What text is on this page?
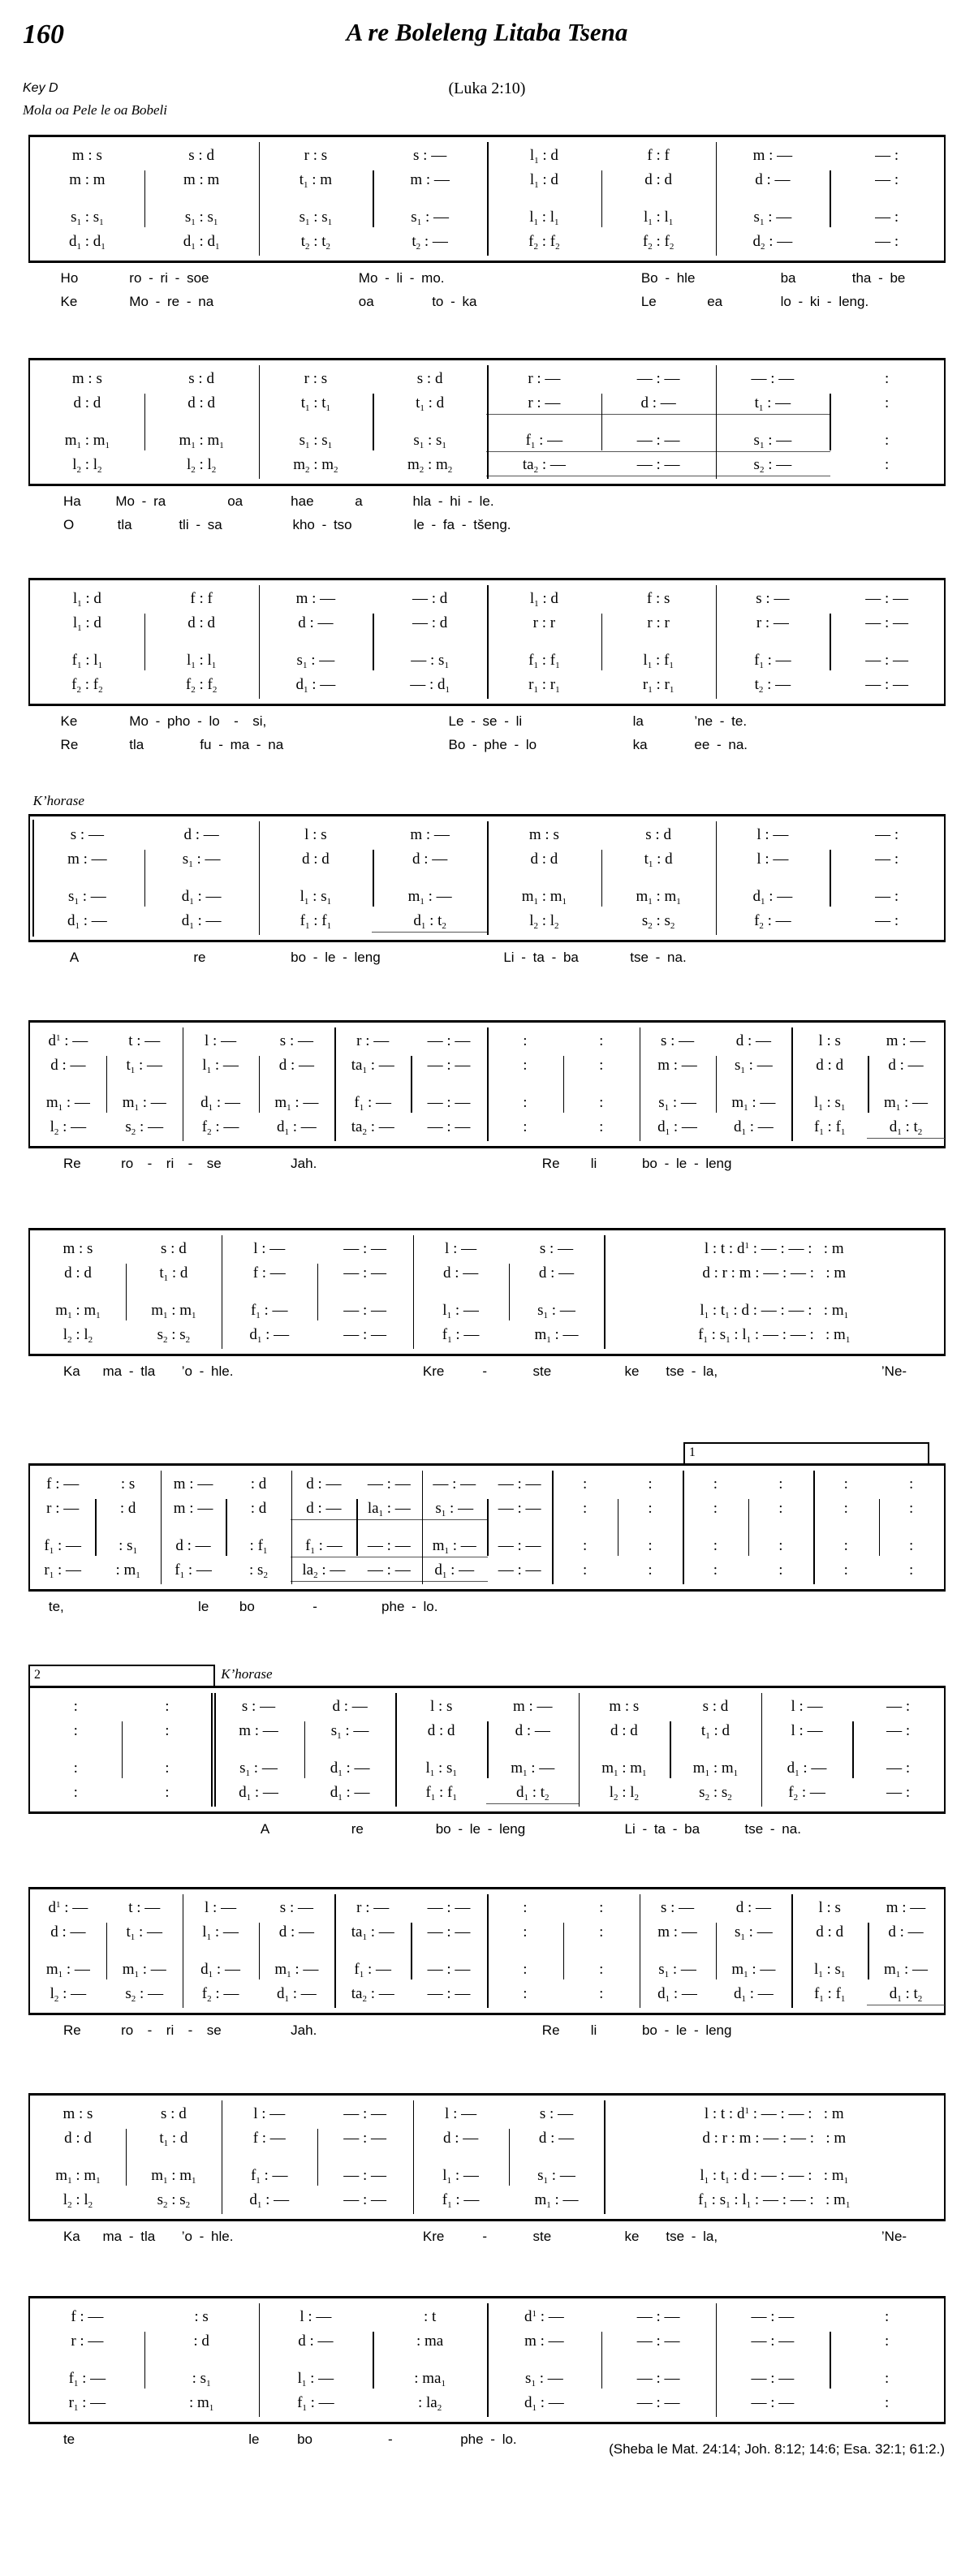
160	A re Boleleng Litaba Tsena
Key D	(Luka 2:10)
Mola oa Pele le oa Bobeli
m : s	s : d	r : s	s : —	$l_1$ : d	f : f	m : —	— :
m : m	m : m	$t_1$ : m	m : —	$l_1$ : d	d : d	d : —	— :
$s_1$ : $s_1$	$s_1$ : $s_1$	$s_1$ : $s_1$	$s_1$ : —	$l_1$ : $l_1$	$l_1$ : $l_1$	$s_1$ : —	— :
$d_1$ : $d_1$	$d_1$ : $d_1$	$t_2$ : $t_2$	$t_2$ : —	$f_2$ : $f_2$	$f_2$ : $f_2$	$d_2$ : —	— :
Ho	ro - ri - soe	Mo - li - mo.	Bo - hle	ba	tha - be
Ke	Mo - re - na	oa	to - ka	Le	ea	lo - ki - leng.
m : s	s : d	r : s	s : d	r : —	— : —	— : —	:
d : d	d : d	$t_1$ : $t_1$	$t_1$ : d	r : —	d : —	$t_1$ : —	:
$m_1$ : $m_1$	$m_1$ : $m_1$	$s_1$ : $s_1$	$s_1$ : $s_1$	$f_1$ : —	— : —	$s_1$ : —	:
$l_2$ : $l_2$	$l_2$ : $l_2$	$m_2$ : $m_2$	$m_2$ : $m_2$	$ta_2$ : —	— : —	$s_2$ : —	:
Ha	Mo - ra	oa	hae	a	hla - hi - le.
O	tla	tli - sa	kho - tso	le - fa - tšeng.
$l_1$ : d	f : f	m : —	— : d	$l_1$ : d	f : s	s : —	— : —
$l_1$ : d	d : d	d : —	— : d	r : r	r : r	r : —	— : —
$f_1$ : $l_1$	$l_1$ : $l_1$	$s_1$ : —	— : $s_1$	$f_1$ : $f_1$	$l_1$ : $f_1$	$f_1$ : —	— : —
$f_2$ : $f_2$	$f_2$ : $f_2$	$d_1$ : —	— : $d_1$	$r_1$ : $r_1$	$r_1$ : $r_1$	$t_2$ : —	— : —
Ke	Mo - pho - lo  -  si,	Le - se - li	la	’ne - te.
Re	tla	fu - ma - na	Bo - phe - lo	ka	ee - na.
K’horase
s : —	d : —	l : s	m : —	m : s	s : d	l : —	— :
m : —	$s_1$ : —	d : d	d : —	d : d	$t_1$ : d	l : —	— :
$s_1$ : —	$d_1$ : —	$l_1$ : $s_1$	$m_1$ : —	$m_1$ : $m_1$	$m_1$ : $m_1$	$d_1$ : —	— :
$d_1$ : —	$d_1$ : —	$f_1$ : $f_1$	$d_1$ : $t_2$	$l_2$ : $l_2$	$s_2$ : $s_2$	$f_2$ : —	— :
A	re	bo - le - leng	Li - ta - ba	tse - na.
$d^1$ : —	t : —	l : —	s : —	r : —	— : —	:	:	s : —	d : —	l : s	m : —
d : —	$t_1$ : —	$l_1$ : —	d : —	$ta_1$ : —	— : —	:	:	m : —	$s_1$ : —	d : d	d : —
$m_1$ : —	$m_1$ : —	$d_1$ : —	$m_1$ : —	$f_1$ : —	— : —	:	:	$s_1$ : —	$m_1$ : —	$l_1$ : $s_1$	$m_1$ : —
$l_2$ : —	$s_2$ : —	$f_2$ : —	$d_1$ : —	$ta_2$ : —	— : —	:	:	$d_1$ : —	$d_1$ : —	$f_1$ : $f_1$	$d_1$ : $t_2$
Re	ro  -  ri  -  se	Jah.	Re li	bo - le - leng
m : s	s : d	l : —	— : —	l : —	s : —	l : t : $d^1$ : — : — :   : m
d : d	$t_1$ : d	f : —	— : —	d : —	d : —	d : r : m : — : — :   : m
$m_1$ : $m_1$	$m_1$ : $m_1$	$f_1$ : —	— : —	$l_1$ : —	$s_1$ : —	$l_1$ : $t_1$ : d : — : — :   : $m_1$
$l_2$ : $l_2$	$s_2$ : $s_2$	$d_1$ : —	— : —	$f_1$ : —	$m_1$ : —	$f_1$ : $s_1$ : $l_1$ : — : — :   : $m_1$
Ka ma - tla ’o - hle.	Kre	-	ste	ke tse - la,	’Ne-
1
f : —	: s	m : —	: d	d : —	— : —	— : —	— : —	:	:	:	:	:	:
r : —	: d	m : —	: d	d : —	$la_1$ : —	$s_1$ : —	— : —	:	:	:	:	:	:
$f_1$ : —	: $s_1$	d : —	: $f_1$	$f_1$ : —	— : —	$m_1$ : —	— : —	:	:	:	:	:	:
$r_1$ : —	: $m_1$	$f_1$ : —	: $s_2$	$la_2$ : —	— : —	$d_1$ : —	— : —	:	:	:	:	:	:
te,	le bo	-	phe - lo.
2	K’horase
:	:	s : —	d : —	l : s	m : —	m : s	s : d	l : —	— :
:	:	m : —	$s_1$ : —	d : d	d : —	d : d	$t_1$ : d	l : —	— :
:	:	$s_1$ : —	$d_1$ : —	$l_1$ : $s_1$	$m_1$ : —	$m_1$ : $m_1$	$m_1$ : $m_1$	$d_1$ : —	— :
:	:	$d_1$ : —	$d_1$ : —	$f_1$ : $f_1$	$d_1$ : $t_2$	$l_2$ : $l_2$	$s_2$ : $s_2$	$f_2$ : —	— :
A	re	bo - le - leng	Li - ta - ba	tse - na.
$d^1$ : —	t : —	l : —	s : —	r : —	— : —	:	:	s : —	d : —	l : s	m : —
d : —	$t_1$ : —	$l_1$ : —	d : —	$ta_1$ : —	— : —	:	:	m : —	$s_1$ : —	d : d	d : —
$m_1$ : —	$m_1$ : —	$d_1$ : —	$m_1$ : —	$f_1$ : —	— : —	:	:	$s_1$ : —	$m_1$ : —	$l_1$ : $s_1$	$m_1$ : —
$l_2$ : —	$s_2$ : —	$f_2$ : —	$d_1$ : —	$ta_2$ : —	— : —	:	:	$d_1$ : —	$d_1$ : —	$f_1$ : $f_1$	$d_1$ : $t_2$
Re	ro  -  ri  -  se	Jah.	Re li	bo - le - leng
m : s	s : d	l : —	— : —	l : —	s : —	l : t : $d^1$ : — : — :   : m
d : d	$t_1$ : d	f : —	— : —	d : —	d : —	d : r : m : — : — :   : m
$m_1$ : $m_1$	$m_1$ : $m_1$	$f_1$ : —	— : —	$l_1$ : —	$s_1$ : —	$l_1$ : $t_1$ : d : — : — :   : $m_1$
$l_2$ : $l_2$	$s_2$ : $s_2$	$d_1$ : —	— : —	$f_1$ : —	$m_1$ : —	$f_1$ : $s_1$ : $l_1$ : — : — :   : $m_1$
Ka ma - tla ’o - hle.	Kre	-	ste	ke tse - la,	’Ne-
f : —	: s	l : —	: t	$d^1$ : —	— : —	— : —	:
r : —	: d	d : —	: ma	m : —	— : —	— : —	:
$f_1$ : —	: $s_1$	$l_1$ : —	: $ma_1$	$s_1$ : —	— : —	— : —	:
$r_1$ : —	: $m_1$	$f_1$ : —	: $la_2$	$d_1$ : —	— : —	— : —	:
te	le	bo	-	phe - lo.
(Sheba le Mat. 24:14; Joh. 8:12; 14:6; Esa. 32:1; 61:2.)
